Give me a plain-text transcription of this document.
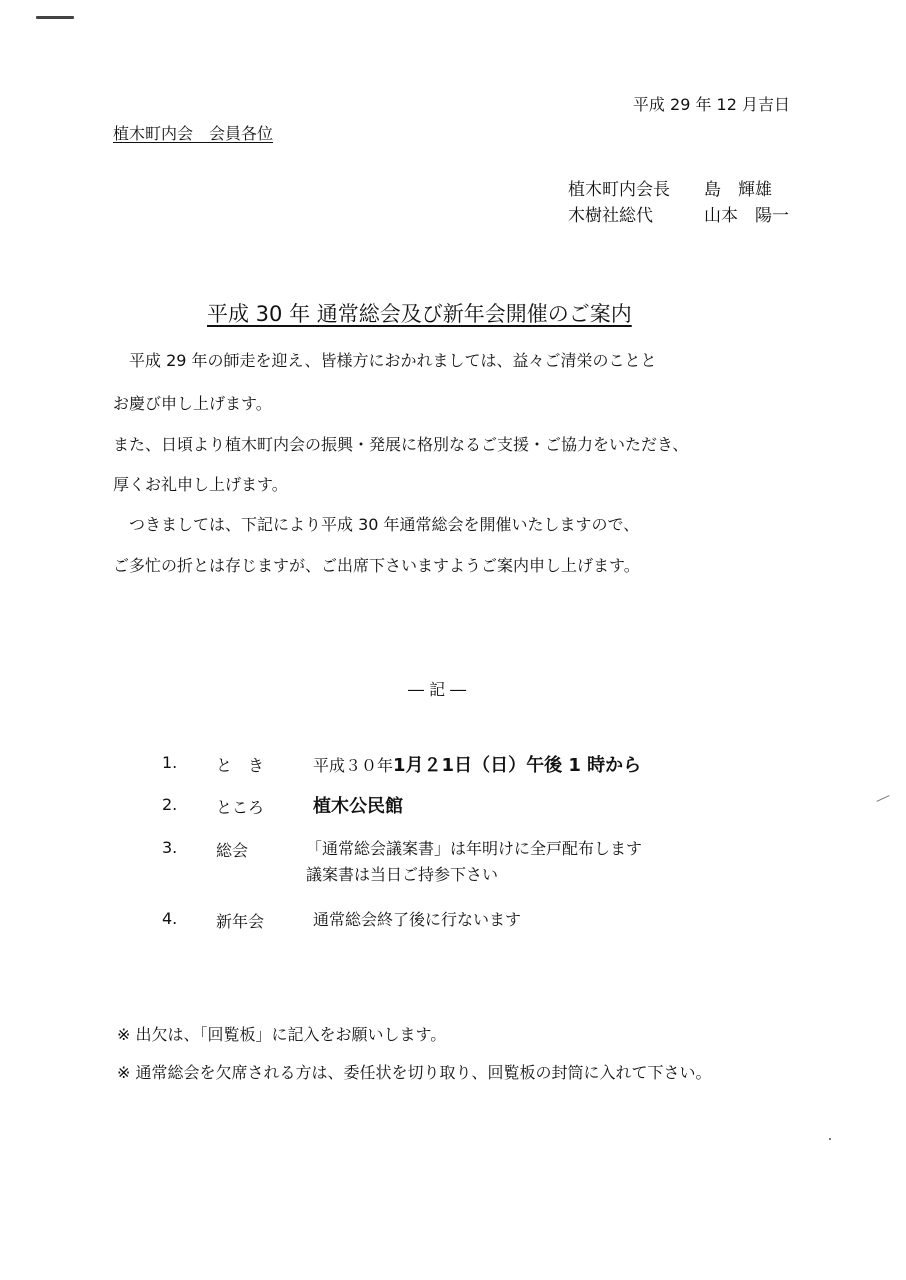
平成 29 年 12 月吉日
植木町内会　会員各位
植木町内会長 島　輝雄
木樹社総代	山本　陽一
平成 30 年 通常総会及び新年会開催のご案内
平成 29 年の師走を迎え、皆様方におかれましては、益々ご清栄のことと
お慶び申し上げます。
また、日頃より植木町内会の振興・発展に格別なるご支援・ご協力をいただき、
厚くお礼申し上げます。
つきましては、下記により平成 30 年通常総会を開催いたしますので、
ご多忙の折とは存じますが、ご出席下さいますようご案内申し上げます。
― 記 ―
1. と　き	平成３０年1月２1日（日）午後 1 時から
2. ところ	植木公民館
3. 総会	「通常総会議案書」は年明けに全戸配布します
議案書は当日ご持参下さい
4. 新年会	通常総会終了後に行ないます
※ 出欠は、「回覧板」に記入をお願いします。
※ 通常総会を欠席される方は、委任状を切り取り、回覧板の封筒に入れて下さい。
